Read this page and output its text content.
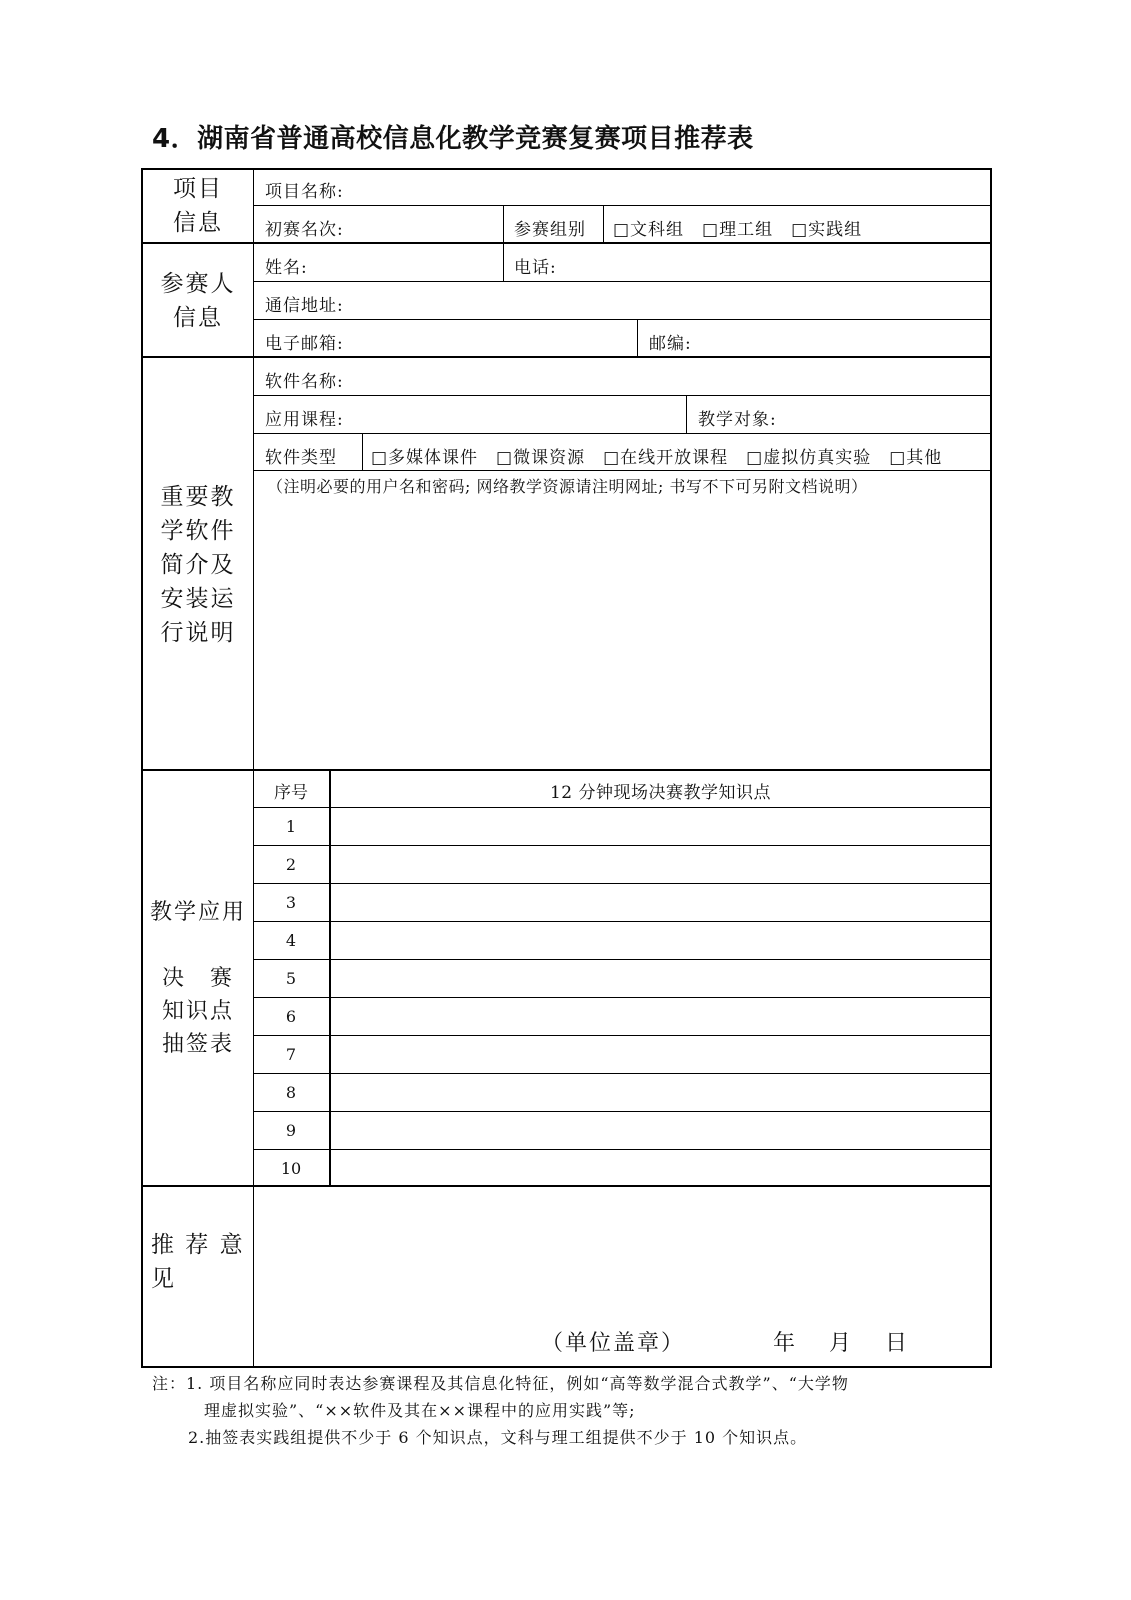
4．湖南省普通高校信息化教学竞赛复赛项目推荐表
项目
信息
项目名称:
初赛名次:	参赛组别 □文科组　□理工组　□实践组
参赛人
信息
姓名:	电话:
通信地址:
电子邮箱:	邮编:
重要教
学软件
简介及
安装运
行说明
软件名称:
应用课程:	教学对象:
软件类型 □多媒体课件　□微课资源　□在线开放课程　□虚拟仿真实验　□其他
（注明必要的用户名和密码; 网络教学资源请注明网址; 书写不下可另附文档说明）
教学应用

决　赛
知识点
抽签表
序号	12 分钟现场决赛教学知识点
1
2
3
4
5
6
7
8
9
10
推 荐 意
见
（单位盖章）	年　月　日
注：1. 项目名称应同时表达参赛课程及其信息化特征，例如“高等数学混合式教学”、“大学物
理虚拟实验”、“××软件及其在××课程中的应用实践”等;
2.抽签表实践组提供不少于 6 个知识点，文科与理工组提供不少于 10 个知识点。
